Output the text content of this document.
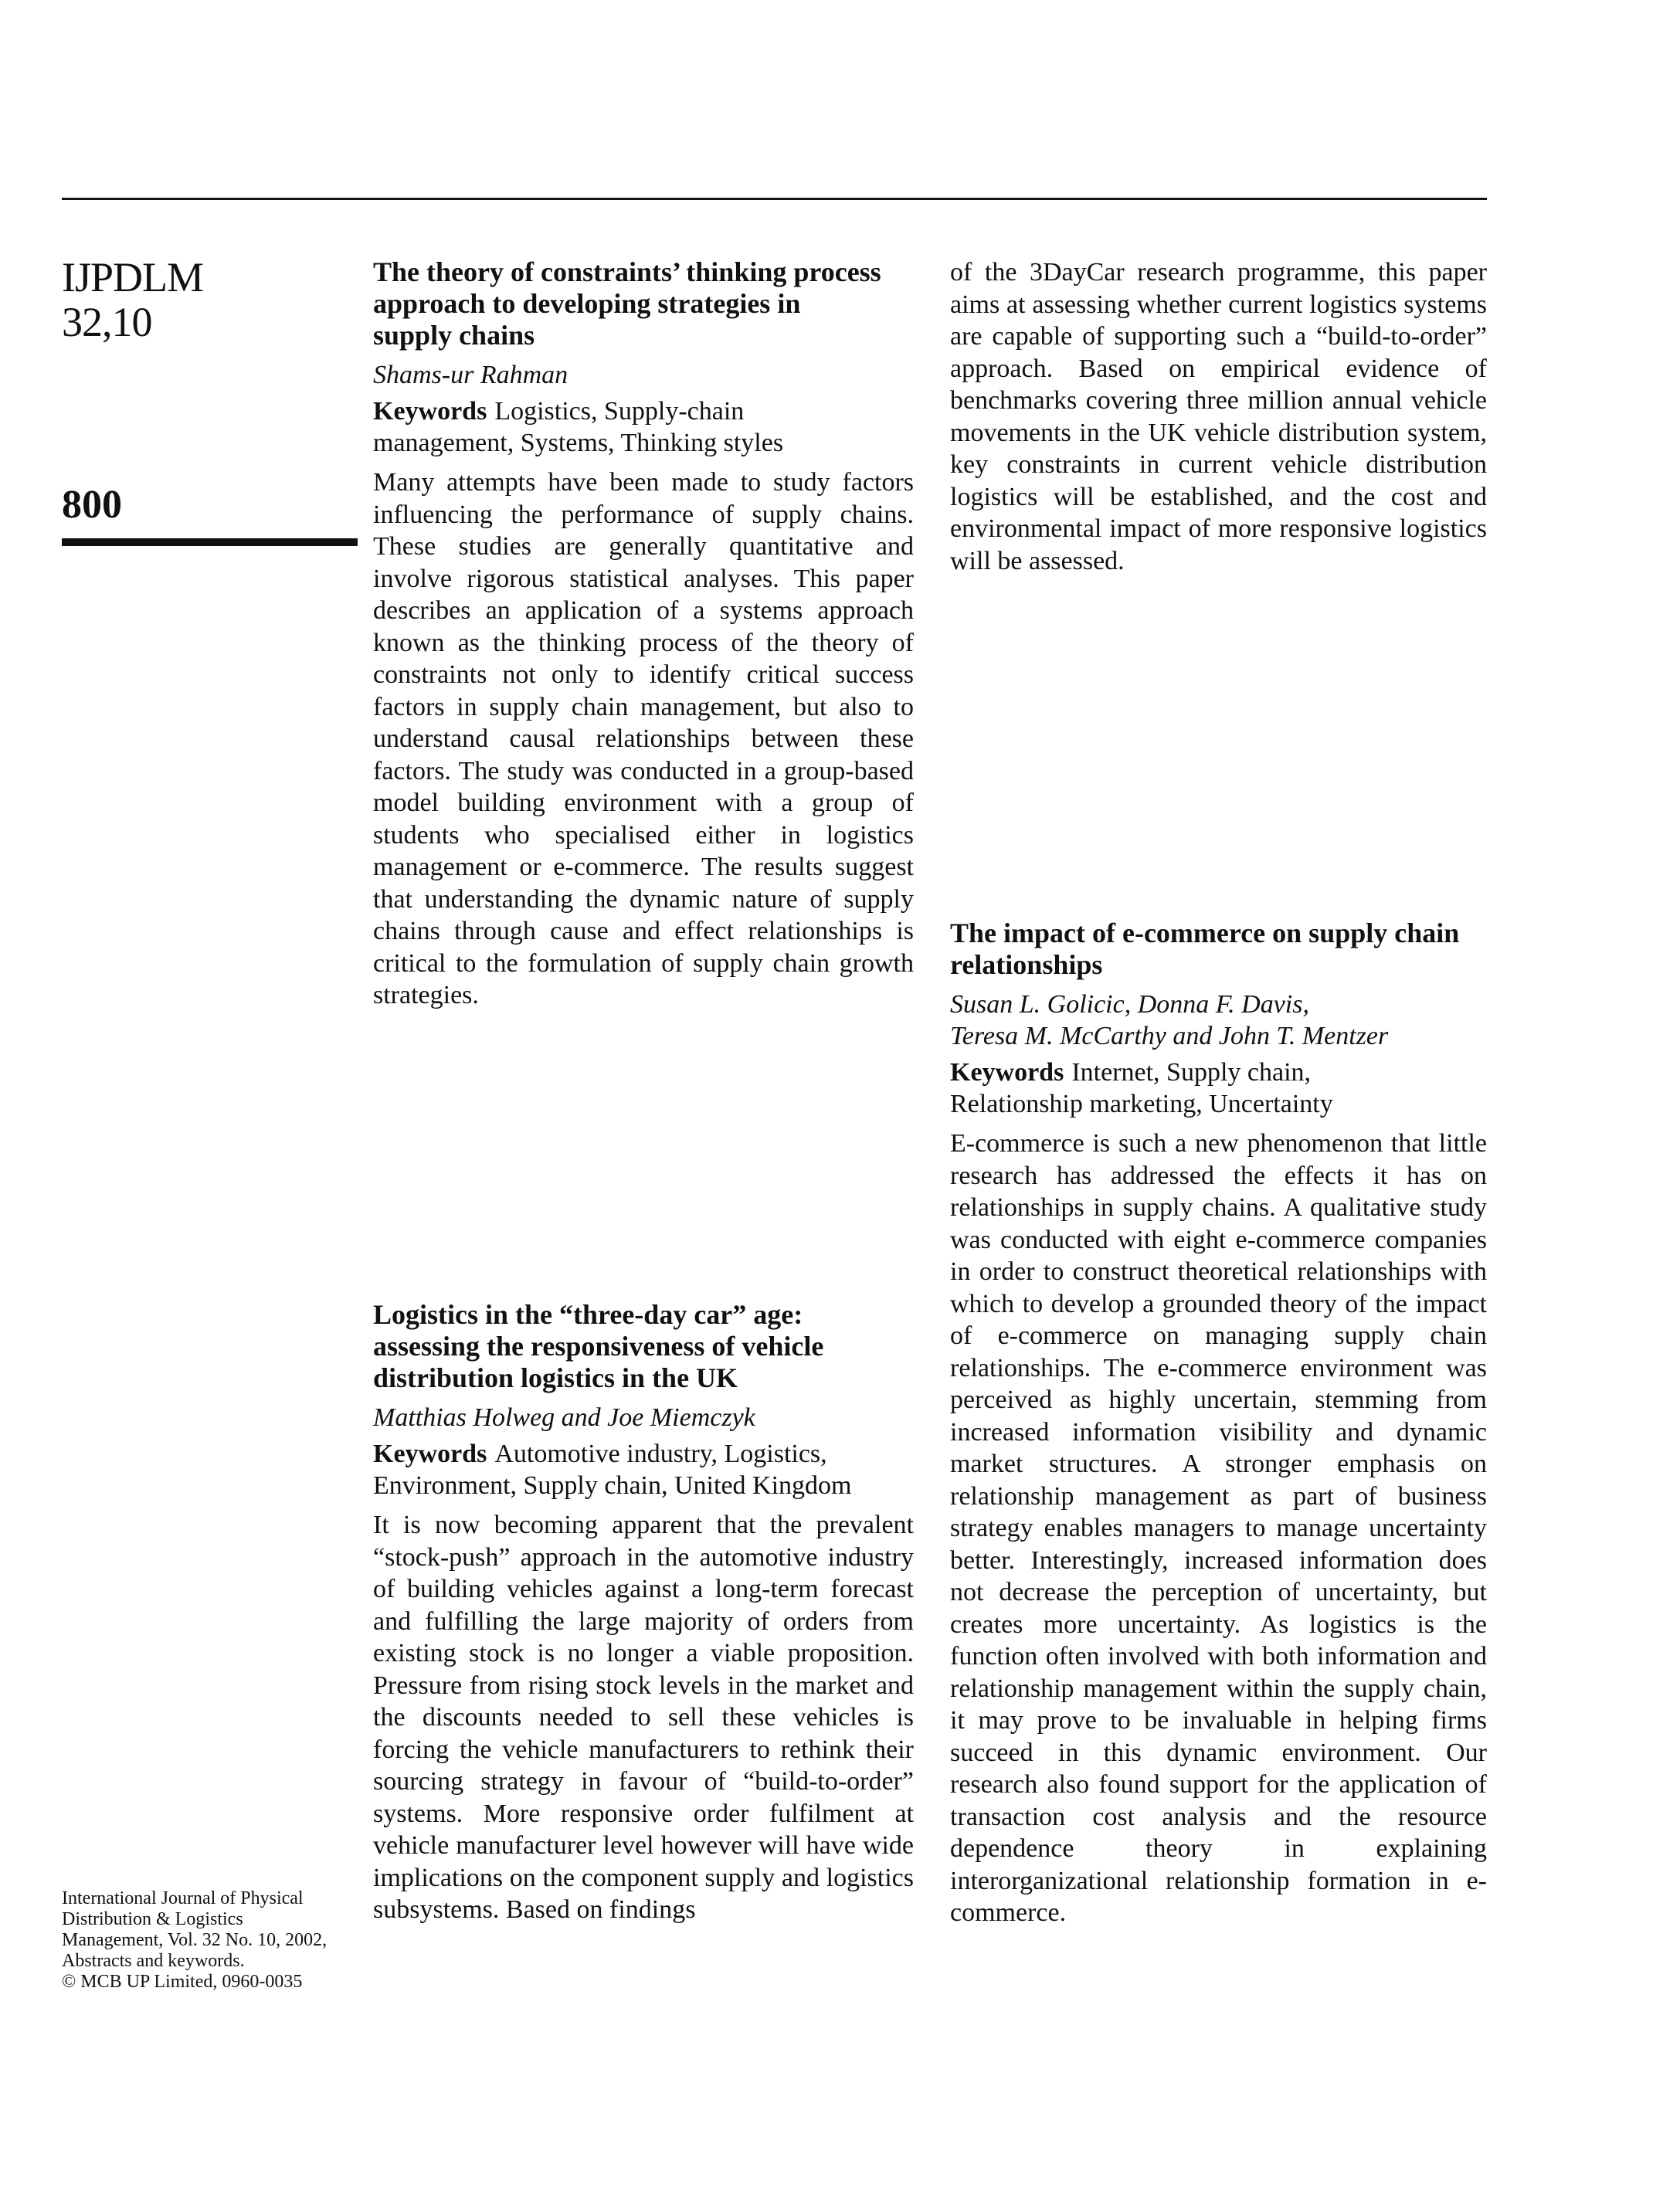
IJPDLM
32,10
800
International Journal of Physical
Distribution & Logistics
Management, Vol. 32 No. 10, 2002,
Abstracts and keywords.
© MCB UP Limited, 0960-0035

The theory of constraints’ thinking process approach to developing strategies in supply chains

Shams-ur Rahman

Keywords Logistics, Supply-chain management, Systems, Thinking styles

Many attempts have been made to study factors influencing the performance of supply chains. These studies are generally quantitative and involve rigorous statistical analyses. This paper describes an application of a systems approach known as the thinking process of the theory of constraints not only to identify critical success factors in supply chain management, but also to understand causal relationships between these factors. The study was conducted in a group-based model building environment with a group of students who specialised either in logistics management or e-commerce. The results suggest that understanding the dynamic nature of supply chains through cause and effect relationships is critical to the formulation of supply chain growth strategies.

Logistics in the “three-day car” age: assessing the responsiveness of vehicle distribution logistics in the UK

Matthias Holweg and Joe Miemczyk

Keywords Automotive industry, Logistics, Environment, Supply chain, United Kingdom

It is now becoming apparent that the prevalent “stock-push” approach in the automotive industry of building vehicles against a long-term forecast and fulfilling the large majority of orders from existing stock is no longer a viable proposition. Pressure from rising stock levels in the market and the discounts needed to sell these vehicles is forcing the vehicle manufacturers to rethink their sourcing strategy in favour of “build-to-order” systems. More responsive order fulfilment at vehicle manufacturer level however will have wide implications on the component supply and logistics subsystems. Based on findings

of the 3DayCar research programme, this paper aims at assessing whether current logistics systems are capable of supporting such a “build-to-order” approach. Based on empirical evidence of benchmarks covering three million annual vehicle movements in the UK vehicle distribution system, key constraints in current vehicle distribution logistics will be established, and the cost and environmental impact of more responsive logistics will be assessed.

The impact of e-commerce on supply chain relationships

Susan L. Golicic, Donna F. Davis,
Teresa M. McCarthy and John T. Mentzer

Keywords Internet, Supply chain, Relationship marketing, Uncertainty

E-commerce is such a new phenomenon that little research has addressed the effects it has on relationships in supply chains. A qualitative study was conducted with eight e-commerce companies in order to construct theoretical relationships with which to develop a grounded theory of the impact of e-commerce on managing supply chain relationships. The e-commerce environment was perceived as highly uncertain, stemming from increased information visibility and dynamic market structures. A stronger emphasis on relationship management as part of business strategy enables managers to manage uncertainty better. Interestingly, increased information does not decrease the perception of uncertainty, but creates more uncertainty. As logistics is the function often involved with both information and relationship management within the supply chain, it may prove to be invaluable in helping firms succeed in this dynamic environment. Our research also found support for the application of transaction cost analysis and the resource dependence theory in explaining interorganizational relationship formation in e-commerce.
